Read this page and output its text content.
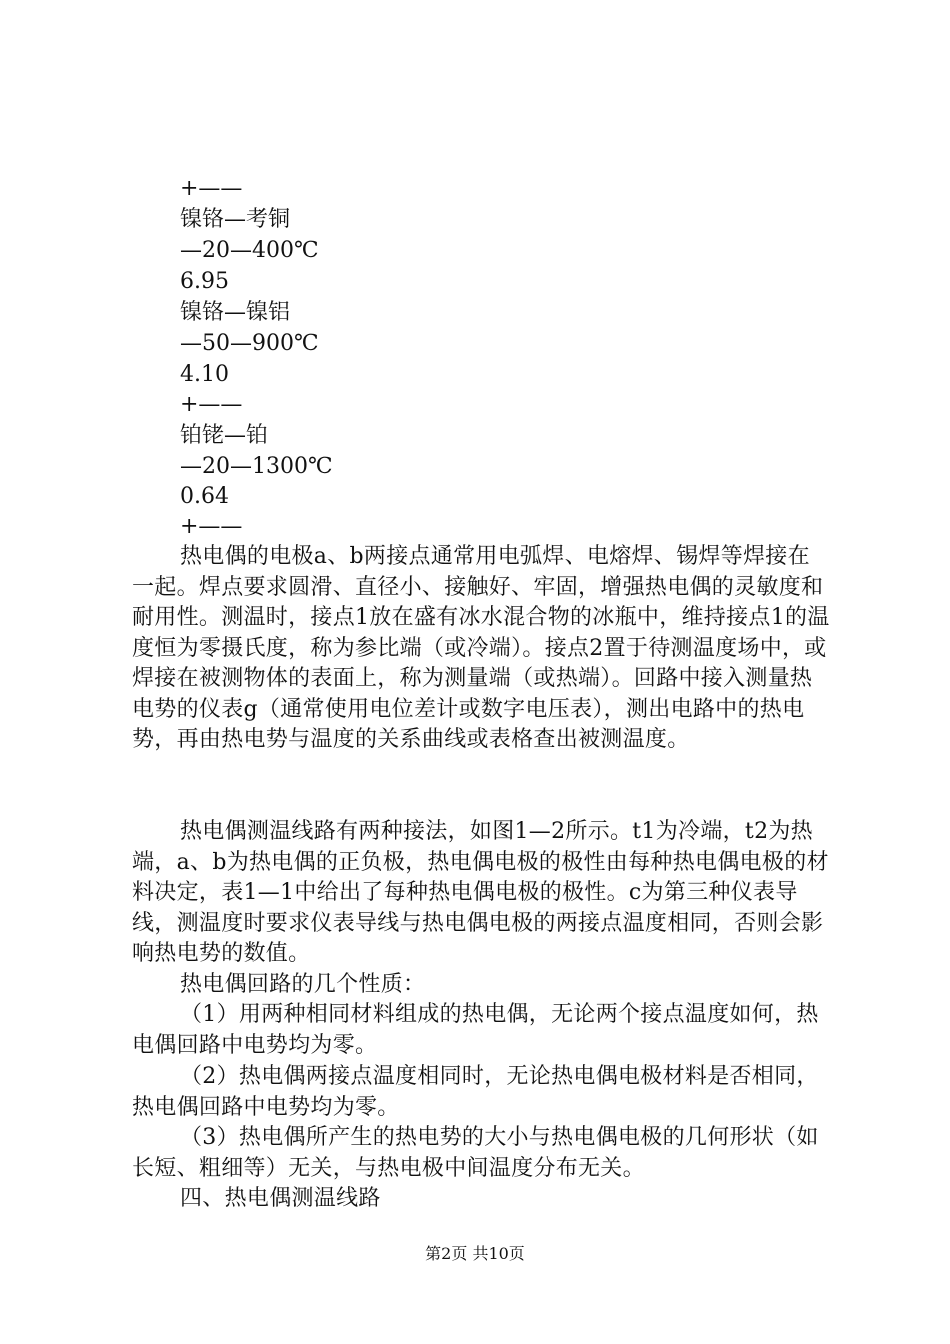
+——

镍铬—考铜

—20—400℃

6.95

镍铬—镍铝

—50—900℃

4.10

+——

铂铑—铂

—20—1300℃

0.64

+——

热电偶的电极a、b两接点通常用电弧焊、电熔焊、锡焊等焊接在一起。焊点要求圆滑、直径小、接触好、牢固，增强热电偶的灵敏度和耐用性。测温时，接点1放在盛有冰水混合物的冰瓶中，维持接点1的温度恒为零摄氏度，称为参比端（或冷端）。接点2置于待测温度场中，或焊接在被测物体的表面上，称为测量端（或热端）。回路中接入测量热电势的仪表g（通常使用电位差计或数字电压表），测出电路中的热电势，再由热电势与温度的关系曲线或表格查出被测温度。

热电偶测温线路有两种接法，如图1—2所示。t1为冷端，t2为热端，a、b为热电偶的正负极，热电偶电极的极性由每种热电偶电极的材料决定，表1—1中给出了每种热电偶电极的极性。c为第三种仪表导线，测温度时要求仪表导线与热电偶电极的两接点温度相同，否则会影响热电势的数值。

热电偶回路的几个性质：

（1）用两种相同材料组成的热电偶，无论两个接点温度如何，热电偶回路中电势均为零。

（2）热电偶两接点温度相同时，无论热电偶电极材料是否相同，热电偶回路中电势均为零。

（3）热电偶所产生的热电势的大小与热电偶电极的几何形状（如长短、粗细等）无关，与热电极中间温度分布无关。

四、热电偶测温线路

第2页 共10页
